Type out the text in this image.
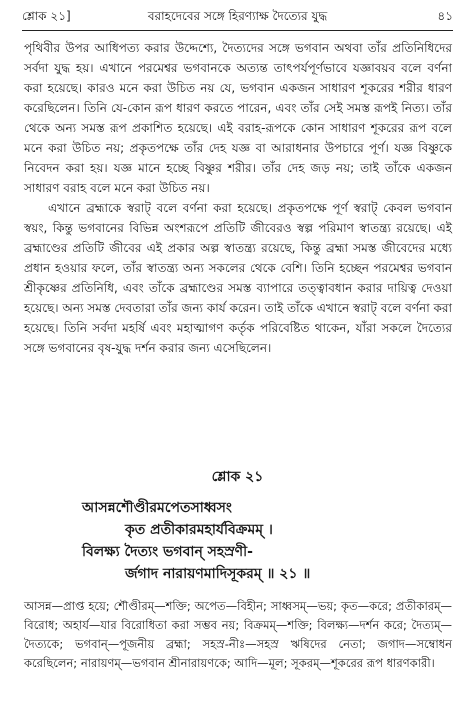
শ্লোক ২১]	বরাহদেবের সঙ্গে হিরণ্যাক্ষ দৈত্যের যুদ্ধ	৪১

পৃথিবীর উপর আধিপত্য করার উদ্দেশ্যে, দৈত্যদের সঙ্গে ভগবান অথবা তাঁর প্রতিনিধিদের সর্বদা যুদ্ধ হয়। এখানে পরমেশ্বর ভগবানকে অত্যন্ত তাৎপর্যপূর্ণভাবে যজ্ঞাবয়ব বলে বর্ণনা করা হয়েছে। কারও মনে করা উচিত নয় যে, ভগবান একজন সাধারণ শূকরের শরীর ধারণ করেছিলেন। তিনি যে-কোন রূপ ধারণ করতে পারেন, এবং তাঁর সেই সমস্ত রূপই নিত্য। তাঁর থেকে অন্য সমস্ত রূপ প্রকাশিত হয়েছে। এই বরাহ-রূপকে কোন সাধারণ শূকরের রূপ বলে মনে করা উচিত নয়; প্রকৃতপক্ষে তাঁর দেহ যজ্ঞ বা আরাধনার উপচারে পূর্ণ। যজ্ঞ বিষ্ণুকে নিবেদন করা হয়। যজ্ঞ মানে হচ্ছে বিষ্ণুর শরীর। তাঁর দেহ জড় নয়; তাই তাঁকে একজন সাধারণ বরাহ বলে মনে করা উচিত নয়।

এখানে ব্রহ্মাকে স্বরাট্‌ বলে বর্ণনা করা হয়েছে। প্রকৃতপক্ষে পূর্ণ স্বরাট্‌ কেবল ভগবান স্বয়ং, কিন্তু ভগবানের বিভিন্ন অংশরূপে প্রতিটি জীবেরও স্বল্প পরিমাণ স্বাতন্ত্র্য রয়েছে। এই ব্রহ্মাণ্ডের প্রতিটি জীবের এই প্রকার অল্প স্বাতন্ত্র্য রয়েছে, কিন্তু ব্রহ্মা সমস্ত জীবেদের মধ্যে প্রধান হওয়ার ফলে, তাঁর স্বাতন্ত্র্য অন্য সকলের থেকে বেশি। তিনি হচ্ছেন পরমেশ্বর ভগবান শ্রীকৃষ্ণের প্রতিনিধি, এবং তাঁকে ব্রহ্মাণ্ডের সমস্ত ব্যাপারে তত্ত্বাবধান করার দায়িত্ব দেওয়া হয়েছে। অন্য সমস্ত দেবতারা তাঁর জন্য কার্য করেন। তাই তাঁকে এখানে স্বরাট্‌ বলে বর্ণনা করা হয়েছে। তিনি সর্বদা মহর্ষি এবং মহাত্মাগণ কর্তৃক পরিবেষ্টিত থাকেন, যাঁরা সকলে দৈত্যের সঙ্গে ভগবানের বৃষ-যুদ্ধ দর্শন করার জন্য এসেছিলেন।

শ্লোক ২১
আসন্নশৌণ্ডীরমপেতসাধ্বসং
কৃত প্রতীকারমহার্যবিক্রমম্‌ ।
বিলক্ষ্য দৈত্যং ভগবান্‌ সহস্রণী-
র্জগাদ নারায়ণমাদিসূকরম্‌ ॥ ২১ ॥
আসন্ন—প্রাপ্ত হয়ে; শৌণ্ডীরম্‌—শক্তি; অপেত—বিহীন; সাধ্বসম্‌—ভয়; কৃত—করে; প্রতীকারম্‌—বিরোধ; অহার্য—যার বিরোধিতা করা সম্ভব নয়; বিক্রমম্‌—শক্তি; বিলক্ষ্য—দর্শন করে; দৈত্যম্‌—দৈত্যকে; ভগবান্‌—পূজনীয় ব্রহ্মা; সহস্র-নীঃ—সহস্র ঋষিদের নেতা; জগাদ—সম্বোধন করেছিলেন; নারায়ণম্‌—ভগবান শ্রীনারায়ণকে; আদি—মূল; সূকরম্‌—শূকরের রূপ ধারণকারী।
